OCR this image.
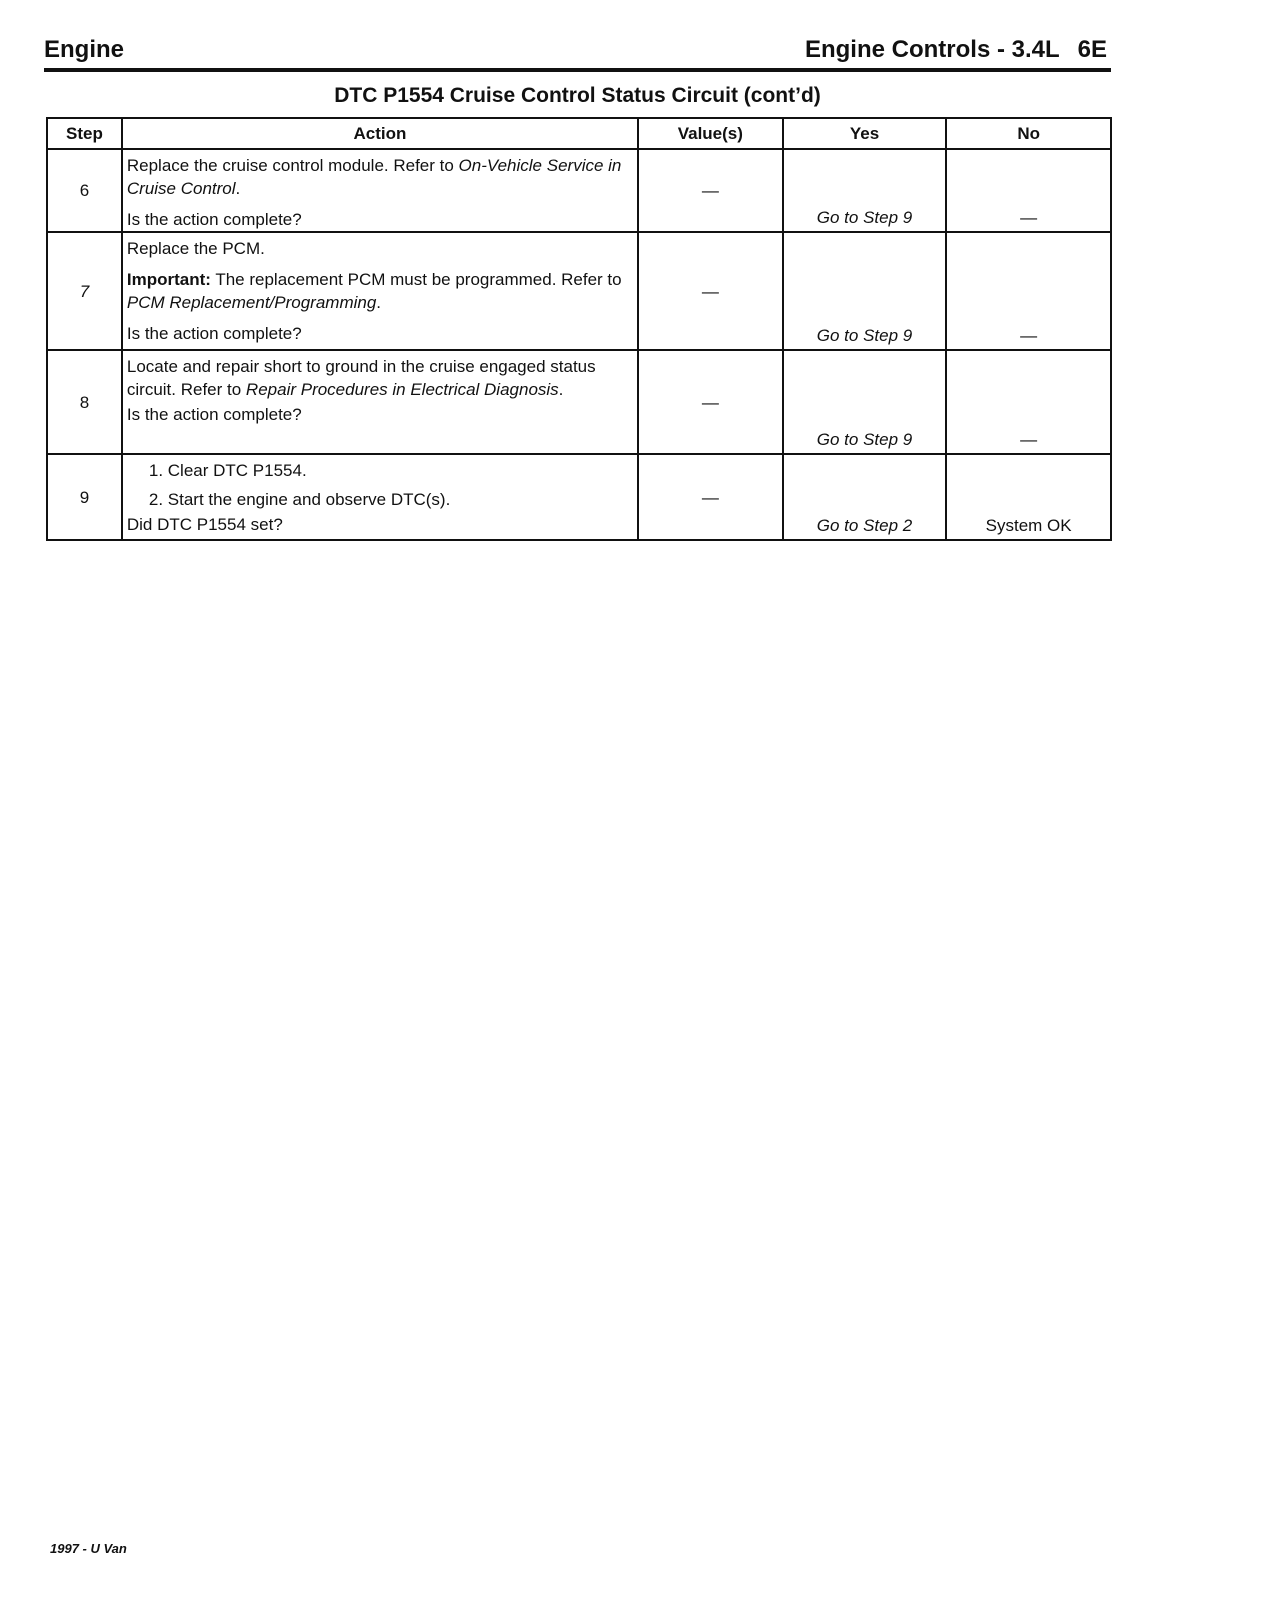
Engine	Engine Controls - 3.4L 6E
DTC P1554 Cruise Control Status Circuit (cont’d)
Step	Action	Value(s)	Yes	No
6	Replace the cruise control module. Refer to On-Vehicle Service in Cruise Control.

Is the action complete?	—	Go to Step 9	—
7	Replace the PCM.

Important: The replacement PCM must be programmed. Refer to PCM Replacement/Programming.

Is the action complete?	—	Go to Step 9	—
8	Locate and repair short to ground in the cruise engaged status circuit. Refer to Repair Procedures in Electrical Diagnosis.

Is the action complete?	—	Go to Step 9	—
9	1. Clear DTC P1554.

2. Start the engine and observe DTC(s).

Did DTC P1554 set?	—	Go to Step 2	System OK
1997 - U Van
